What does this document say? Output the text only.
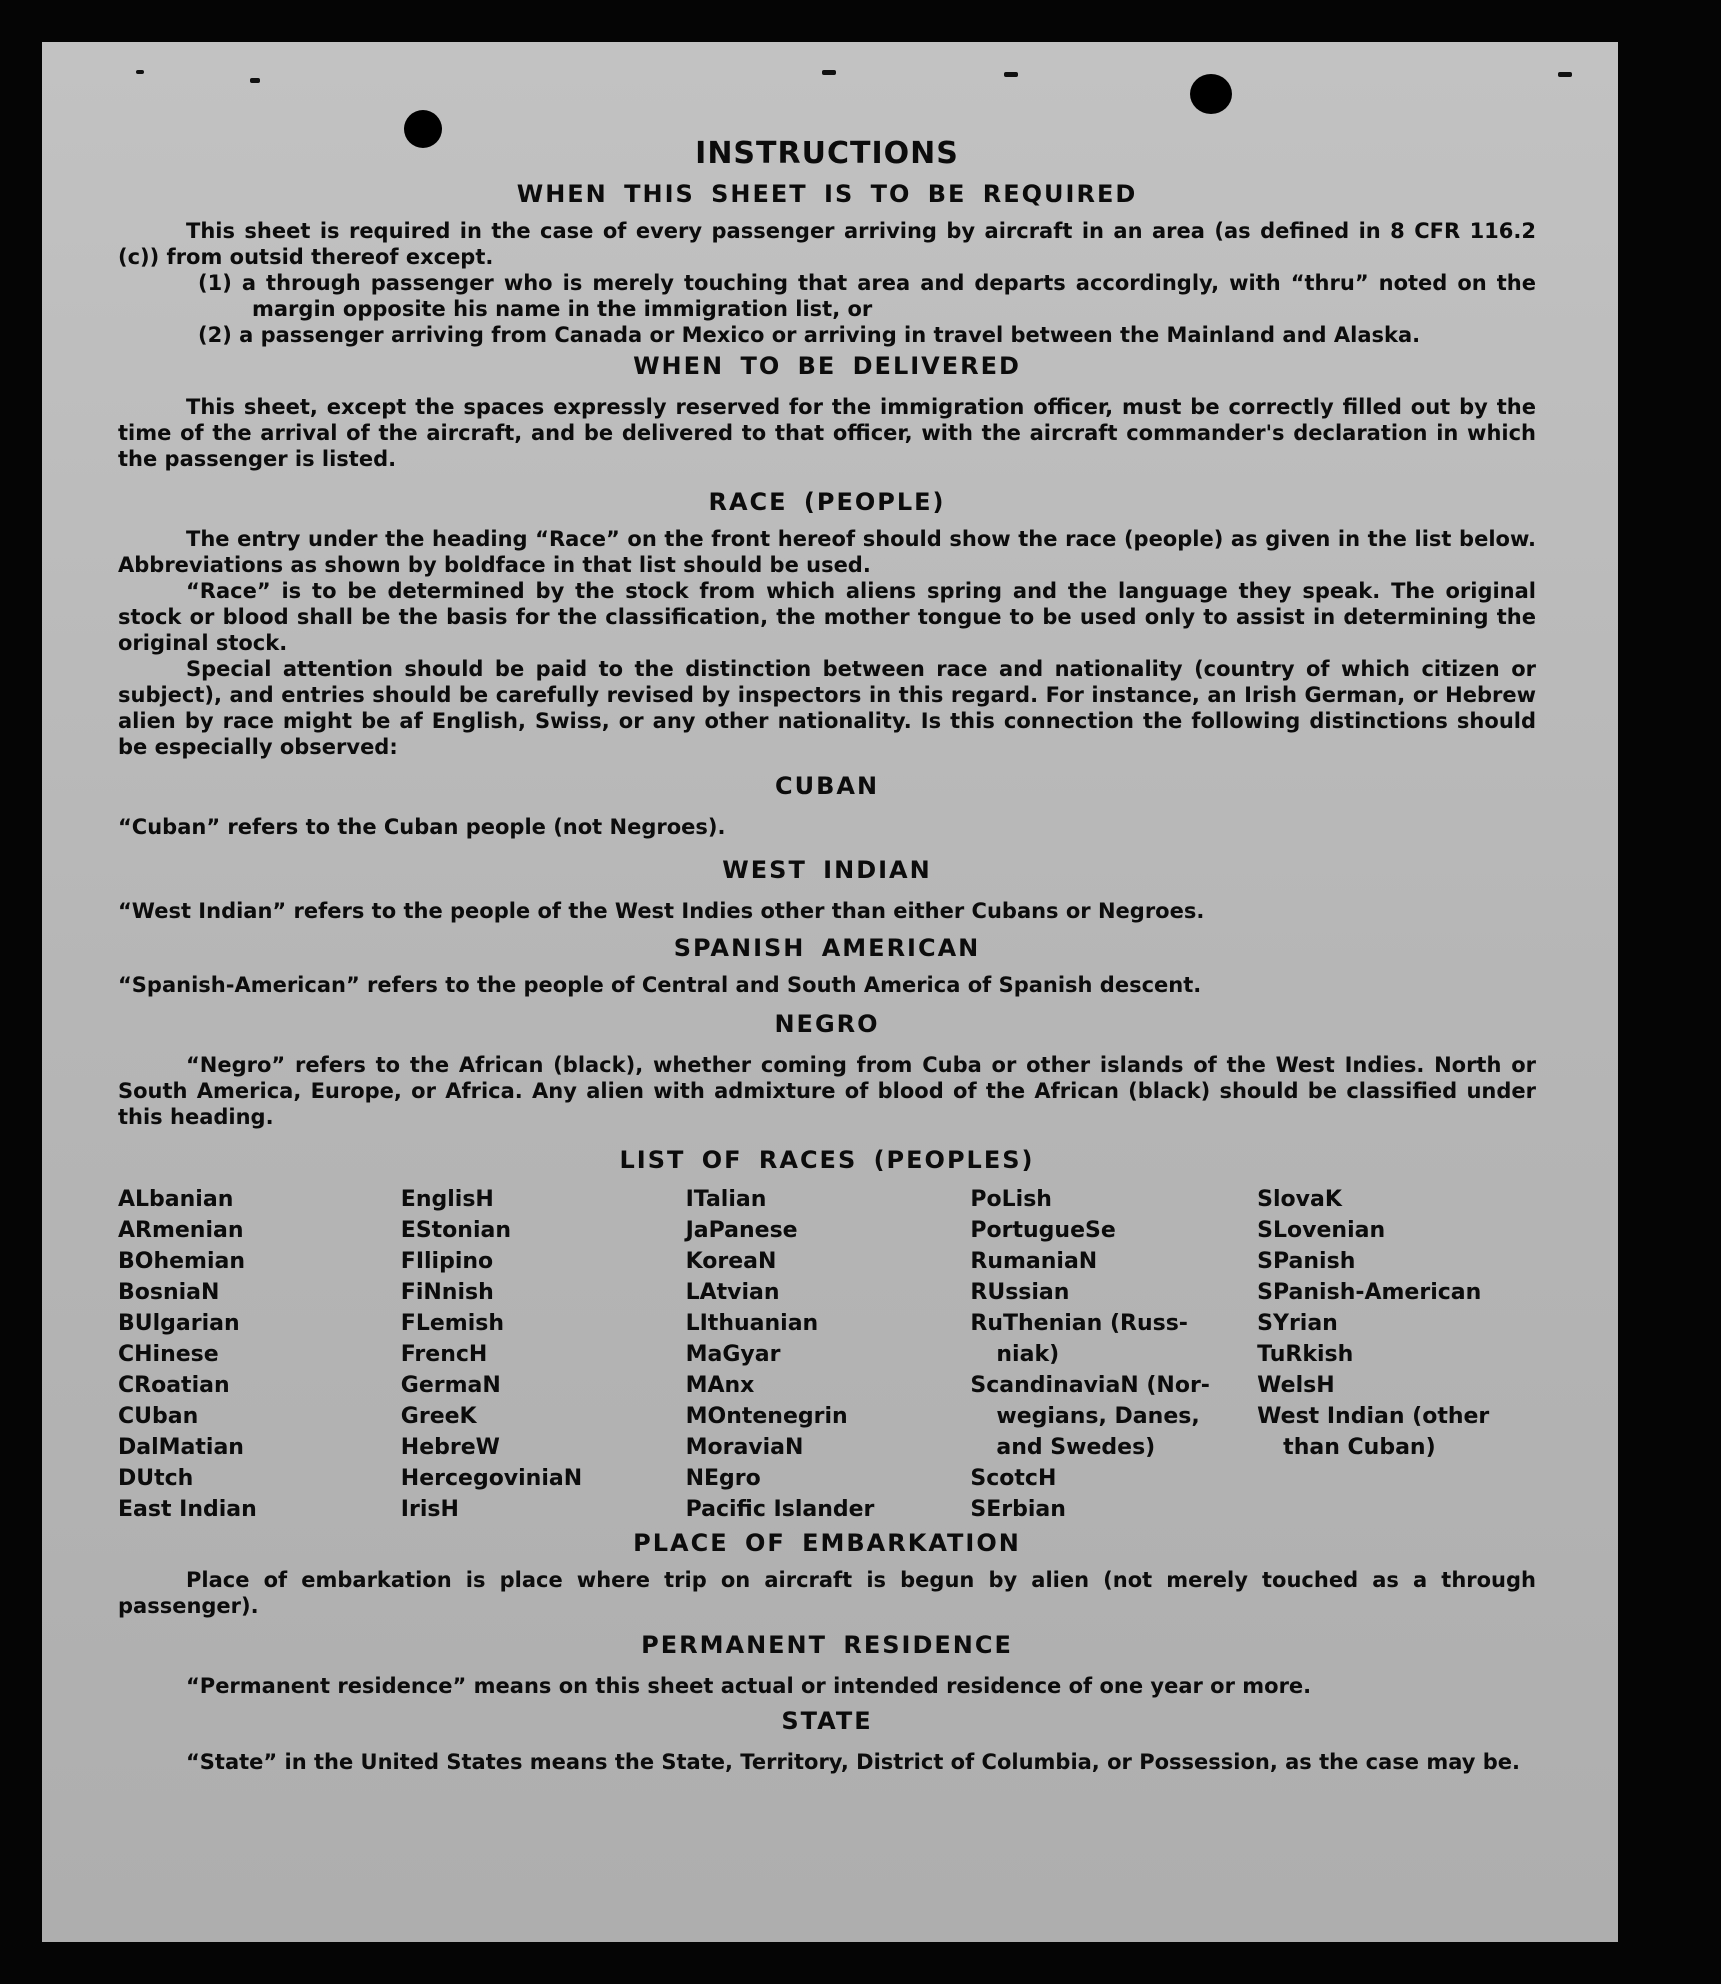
INSTRUCTIONS
WHEN THIS SHEET IS TO BE REQUIRED

This sheet is required in the case of every passenger arriving by aircraft in an area (as defined in 8 CFR 116.2 (c)) from outsid thereof except.

(1) a through passenger who is merely touching that area and departs accordingly, with “thru” noted on the margin opposite his name in the immigration list, or

(2) a passenger arriving from Canada or Mexico or arriving in travel between the Mainland and Alaska.

WHEN TO BE DELIVERED

This sheet, except the spaces expressly reserved for the immigration officer, must be correctly filled out by the time of the arrival of the aircraft, and be delivered to that officer, with the aircraft commander's declaration in which the passenger is listed.

RACE (PEOPLE)

The entry under the heading “Race” on the front hereof should show the race (people) as given in the list below. Abbreviations as shown by boldface in that list should be used.

“Race” is to be determined by the stock from which aliens spring and the language they speak. The original stock or blood shall be the basis for the classification, the mother tongue to be used only to assist in determining the original stock.

Special attention should be paid to the distinction between race and nationality (country of which citizen or subject), and entries should be carefully revised by inspectors in this regard. For instance, an Irish German, or Hebrew alien by race might be af English, Swiss, or any other nationality. Is this connection the following distinctions should be especially observed:

CUBAN

“Cuban” refers to the Cuban people (not Negroes).

WEST INDIAN

“West Indian” refers to the people of the West Indies other than either Cubans or Negroes.

SPANISH AMERICAN

“Spanish-American” refers to the people of Central and South America of Spanish descent.

NEGRO

“Negro” refers to the African (black), whether coming from Cuba or other islands of the West Indies. North or South America, Europe, or Africa. Any alien with admixture of blood of the African (black) should be classified under this heading.

LIST OF RACES (PEOPLES)
ALbanian
ARmenian
BOhemian
BosniaN
BUlgarian
CHinese
CRoatian
CUban
DalMatian
DUtch
East Indian
EnglisH
EStonian
FIlipino
FiNnish
FLemish
FrencH
GermaN
GreeK
HebreW
HercegoviniaN
IrisH
ITalian
JaPanese
KoreaN
LAtvian
LIthuanian
MaGyar
MAnx
MOntenegrin
MoraviaN
NEgro
Pacific Islander
PoLish
PortugueSe
RumaniaN
RUssian
RuThenian (Russ-
niak)
ScandinaviaN (Nor-
wegians, Danes,
and Swedes)
ScotcH
SErbian
SlovaK
SLovenian
SPanish
SPanish-American
SYrian
TuRkish
WelsH
West Indian (other
than Cuban)
PLACE OF EMBARKATION

Place of embarkation is place where trip on aircraft is begun by alien (not merely touched as a through passenger).

PERMANENT RESIDENCE

“Permanent residence” means on this sheet actual or intended residence of one year or more.

STATE

“State” in the United States means the State, Territory, District of Columbia, or Possession, as the case may be.
